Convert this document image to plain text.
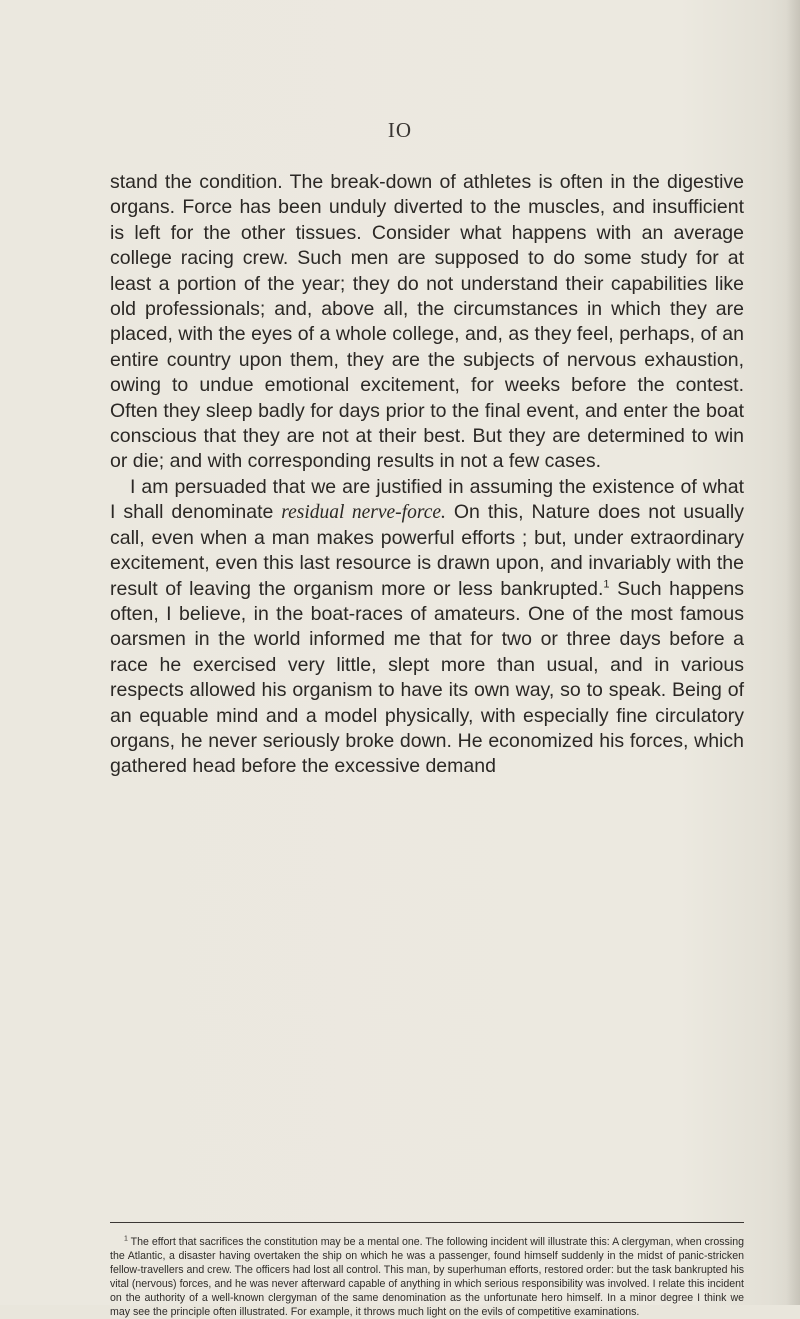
IO

stand the condition. The break-down of athletes is often in the digestive organs. Force has been unduly diverted to the muscles, and insufficient is left for the other tissues. Consider what happens with an average college racing crew. Such men are supposed to do some study for at least a portion of the year; they do not understand their capabilities like old professionals; and, above all, the circumstances in which they are placed, with the eyes of a whole college, and, as they feel, perhaps, of an entire country upon them, they are the subjects of nervous exhaustion, owing to undue emotional excitement, for weeks before the contest. Often they sleep badly for days prior to the final event, and enter the boat conscious that they are not at their best. But they are determined to win or die; and with corresponding results in not a few cases.

I am persuaded that we are justified in assuming the existence of what I shall denominate residual nerve-force. On this, Nature does not usually call, even when a man makes powerful efforts ; but, under extraordinary excitement, even this last resource is drawn upon, and invariably with the result of leaving the organism more or less bankrupted.$^1$ Such happens often, I believe, in the boat-races of amateurs. One of the most famous oarsmen in the world informed me that for two or three days before a race he exercised very little, slept more than usual, and in various respects allowed his organism to have its own way, so to speak. Being of an equable mind and a model physically, with especially fine circulatory organs, he never seriously broke down. He economized his forces, which gathered head before the excessive demand

$^1$ The effort that sacrifices the constitution may be a mental one. The following incident will illustrate this: A clergyman, when crossing the Atlantic, a disaster having overtaken the ship on which he was a passenger, found himself suddenly in the midst of panic-stricken fellow-travellers and crew. The officers had lost all control. This man, by superhuman efforts, restored order: but the task bankrupted his vital (nervous) forces, and he was never afterward capable of anything in which serious responsibility was involved. I relate this incident on the authority of a well-known clergyman of the same denomination as the unfortunate hero himself. In a minor degree I think we may see the principle often illustrated. For example, it throws much light on the evils of competitive examinations.
